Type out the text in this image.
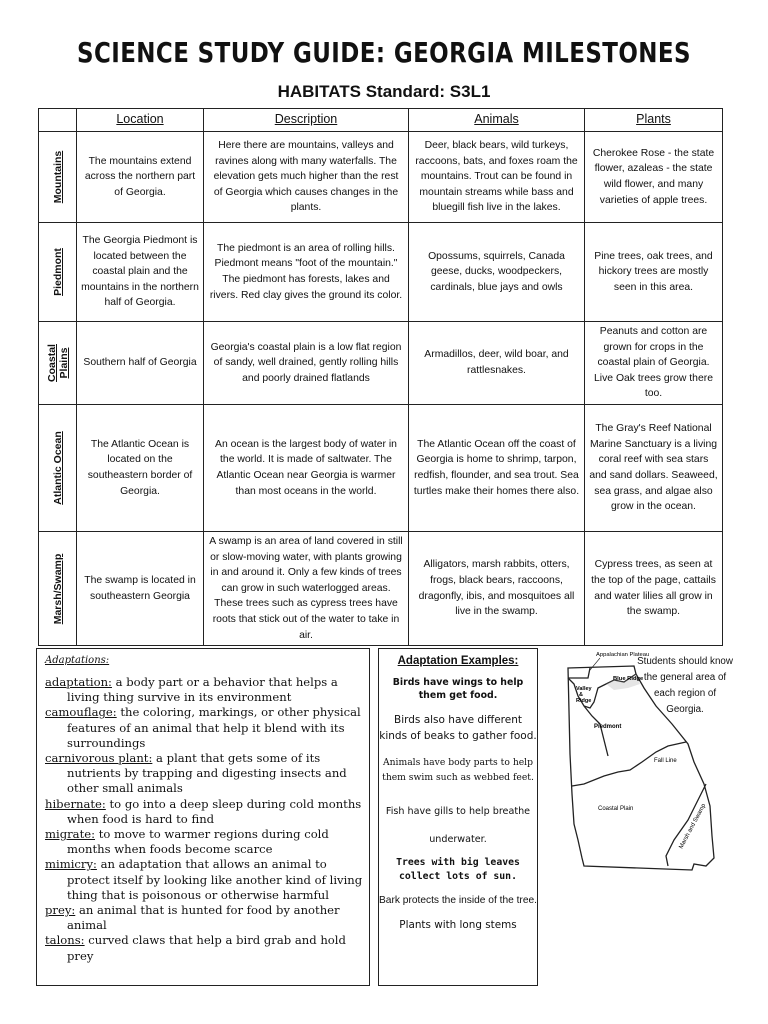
SCIENCE STUDY GUIDE: GEORGIA MILESTONES
HABITATS Standard: S3L1
	Location	Description	Animals	Plants

Mountains	The mountains extend across the northern part of Georgia.	Here there are mountains, valleys and ravines along with many waterfalls. The elevation gets much higher than the rest of Georgia which causes changes in the plants.	Deer, black bears, wild turkeys, raccoons, bats, and foxes roam the mountains. Trout can be found in mountain streams while bass and bluegill fish live in the lakes.	Cherokee Rose - the state flower, azaleas - the state wild flower, and many varieties of apple trees.

Piedmont	The Georgia Piedmont is located between the coastal plain and the mountains in the northern half of Georgia.	The piedmont is an area of rolling hills. Piedmont means "foot of the mountain." The piedmont has forests, lakes and rivers. Red clay gives the ground its color.	Opossums, squirrels, Canada geese, ducks, woodpeckers, cardinals, blue jays and owls	Pine trees, oak trees, and hickory trees are mostly seen in this area.

Coastal Plains	Southern half of Georgia	Georgia's coastal plain is a low flat region of sandy, well drained, gently rolling hills and poorly drained flatlands	Armadillos, deer, wild boar, and rattlesnakes.	Peanuts and cotton are grown for crops in the coastal plain of Georgia. Live Oak trees grow there too.

Atlantic Ocean	The Atlantic Ocean is located on the southeastern border of Georgia.	An ocean is the largest body of water in the world. It is made of saltwater. The Atlantic Ocean near Georgia is warmer than most oceans in the world.	The Atlantic Ocean off the coast of Georgia is home to shrimp, tarpon, redfish, flounder, and sea trout. Sea turtles make their homes there also.	The Gray's Reef National Marine Sanctuary is a living coral reef with sea stars and sand dollars. Seaweed, sea grass, and algae also grow in the ocean.

Marsh/Swamp	The swamp is located in southeastern Georgia	A swamp is an area of land covered in still or slow-moving water, with plants growing in and around it. Only a few kinds of trees can grow in such waterlogged areas. These trees such as cypress trees have roots that stick out of the water to take in air.	Alligators, marsh rabbits, otters, frogs, black bears, raccoons, dragonfly, ibis, and mosquitoes all live in the swamp.	Cypress trees, as seen at the top of the page, cattails and water lilies all grow in the swamp.
Adaptations:
adaptation: a body part or a behavior that helps a living thing survive in its environment
camouflage: the coloring, markings, or other physical features of an animal that help it blend with its surroundings
carnivorous plant: a plant that gets some of its nutrients by trapping and digesting insects and other small animals
hibernate: to go into a deep sleep during cold months when food is hard to find
migrate: to move to warmer regions during cold months when foods become scarce
mimicry: an adaptation that allows an animal to protect itself by looking like another kind of living thing that is poisonous or otherwise harmful
prey: an animal that is hunted for food by another animal
talons: curved claws that help a bird grab and hold prey
Adaptation Examples:

Birds have wings to help them get food.

Birds also have different kinds of beaks to gather food.

Animals have body parts to help them swim such as webbed feet.

Fish have gills to help breathe underwater.

Trees with big leaves collect lots of sun.

Bark protects the inside of the tree.

Plants with long stems

Appalachian Plateau
Blue Ridge
Valley
&
Ridge
Piedmont
Fall Line
Coastal Plain	Marsh and Swamp
Students should know the general area of each region of Georgia.
